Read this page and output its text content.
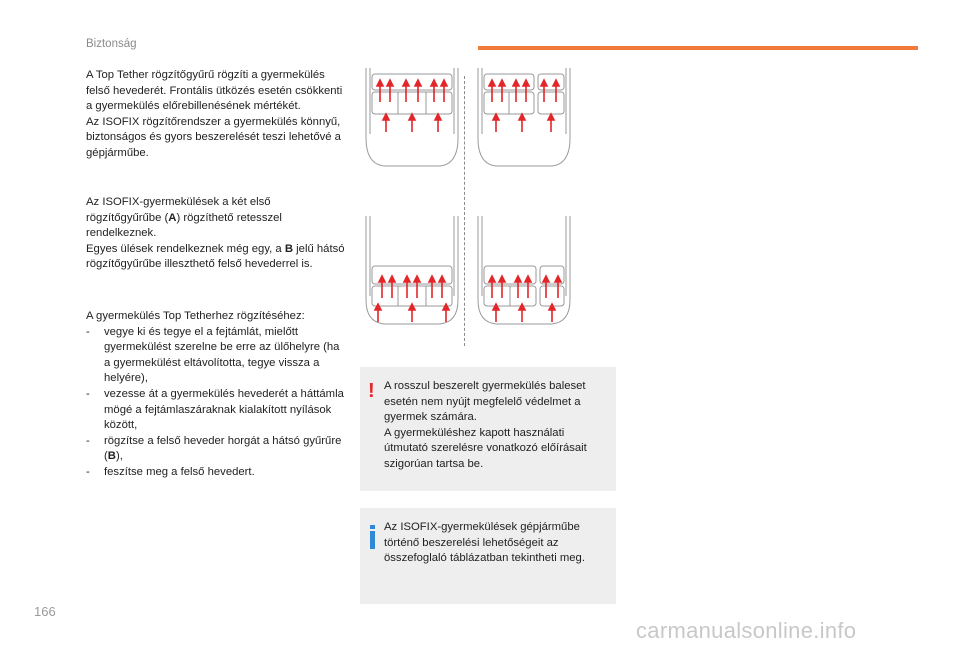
Biztonság

A Top Tether rögzítőgyűrű rögzíti a gyermekülés felső hevederét. Frontális ütközés esetén csökkenti a gyermekülés előrebillenésének mértékét.

Az ISOFIX rögzítőrendszer a gyermekülés könnyű, biztonságos és gyors beszerelését teszi lehetővé a gépjárműbe.

Az ISOFIX-gyermekülések a két első rögzítőgyűrűbe (A) rögzíthető retesszel rendelkeznek.

Egyes ülések rendelkeznek még egy, a B jelű hátsó rögzítőgyűrűbe illeszthető felső hevederrel is.

A gyermekülés Top Tetherhez rögzítéséhez:

- vegye ki és tegye el a fejtámlát, mielőtt gyermekülést szerelne be erre az ülőhelyre (ha a gyermekülést eltávolította, tegye vissza a helyére),
- vezesse át a gyermekülés hevederét a háttámla mögé a fejtámlaszáraknak kialakított nyílások között,
- rögzítse a felső heveder horgát a hátsó gyűrűre (B),
- feszítse meg a felső hevedert.
! A rosszul beszerelt gyermekülés baleset esetén nem nyújt megfelelő védelmet a gyermek számára.

A gyermeküléshez kapott használati útmutató szerelésre vonatkozó előírásait szigorúan tartsa be.

Az ISOFIX-gyermekülések gépjárműbe történő beszerelési lehetőségeit az összefoglaló táblázatban tekintheti meg.

166
carmanualsonline.info
